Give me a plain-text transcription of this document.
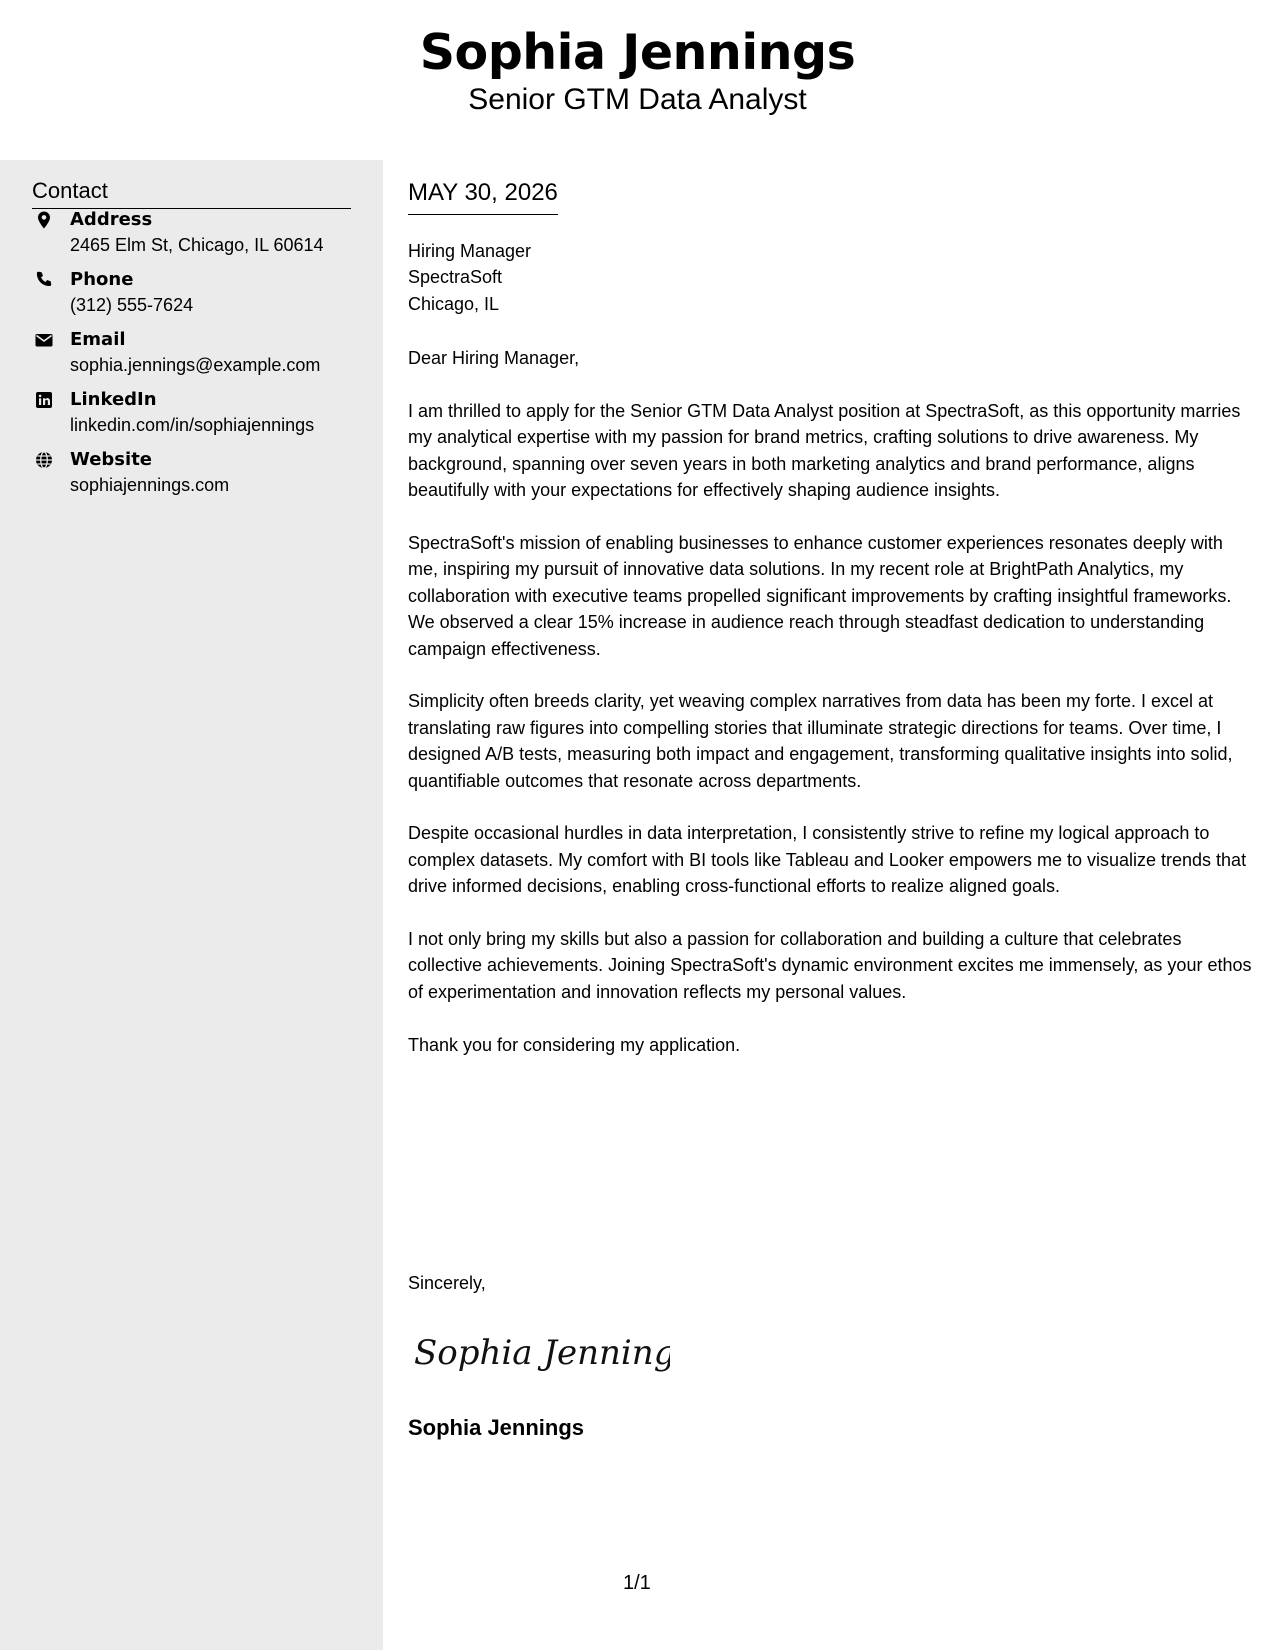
Sophia Jennings
Senior GTM Data Analyst
Contact
Address
2465 Elm St, Chicago, IL 60614
Phone
(312) 555-7624
Email
sophia.jennings@example.com
LinkedIn
linkedin.com/in/sophiajennings
Website
sophiajennings.com
MAY 30, 2026
Hiring Manager
SpectraSoft
Chicago, IL
Dear Hiring Manager,

I am thrilled to apply for the Senior GTM Data Analyst position at SpectraSoft, as this opportunity marries my analytical expertise with my passion for brand metrics, crafting solutions to drive awareness. My background, spanning over seven years in both marketing analytics and brand performance, aligns beautifully with your expectations for effectively shaping audience insights.

SpectraSoft's mission of enabling businesses to enhance customer experiences resonates deeply with me, inspiring my pursuit of innovative data solutions. In my recent role at BrightPath Analytics, my collaboration with executive teams propelled significant improvements by crafting insightful frameworks. We observed a clear 15% increase in audience reach through steadfast dedication to understanding campaign effectiveness.

Simplicity often breeds clarity, yet weaving complex narratives from data has been my forte. I excel at translating raw figures into compelling stories that illuminate strategic directions for teams. Over time, I designed A/B tests, measuring both impact and engagement, transforming qualitative insights into solid, quantifiable outcomes that resonate across departments.

Despite occasional hurdles in data interpretation, I consistently strive to refine my logical approach to complex datasets. My comfort with BI tools like Tableau and Looker empowers me to visualize trends that drive informed decisions, enabling cross-functional efforts to realize aligned goals.

I not only bring my skills but also a passion for collaboration and building a culture that celebrates collective achievements. Joining SpectraSoft's dynamic environment excites me immensely, as your ethos of experimentation and innovation reflects my personal values.

Thank you for considering my application.

Sincerely,
Sophia Jennings
Sophia Jennings
1/1
